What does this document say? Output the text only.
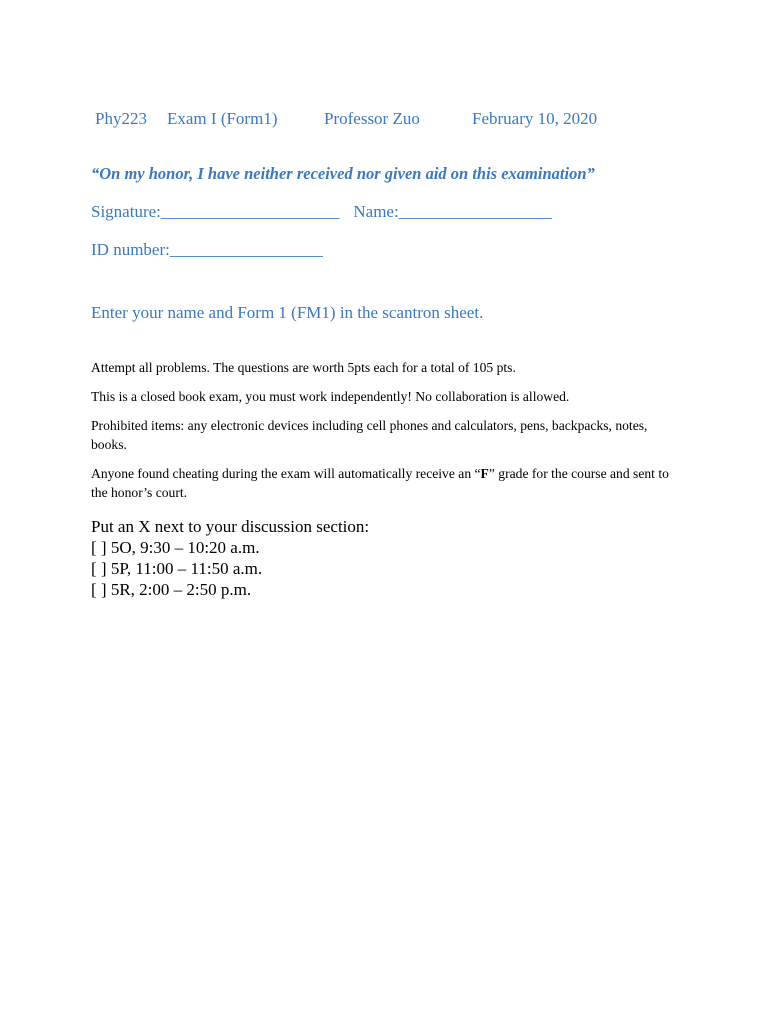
Phy223 Exam I (Form1)	Professor Zuo	February 10, 2020
“On my honor, I have neither received nor given aid on this examination”
Signature:_____________________ Name:__________________
ID number:__________________
Enter your name and Form 1 (FM1) in the scantron sheet.

Attempt all problems. The questions are worth 5pts each for a total of 105 pts.

This is a closed book exam, you must work independently! No collaboration is allowed.

Prohibited items: any electronic devices including cell phones and calculators, pens, backpacks, notes, books.

Anyone found cheating during the exam will automatically receive an “F” grade for the course and sent to the honor’s court.

Put an X next to your discussion section:
[ ] 5O, 9:30 – 10:20 a.m.
[ ] 5P, 11:00 – 11:50 a.m.
[ ] 5R, 2:00 – 2:50 p.m.
